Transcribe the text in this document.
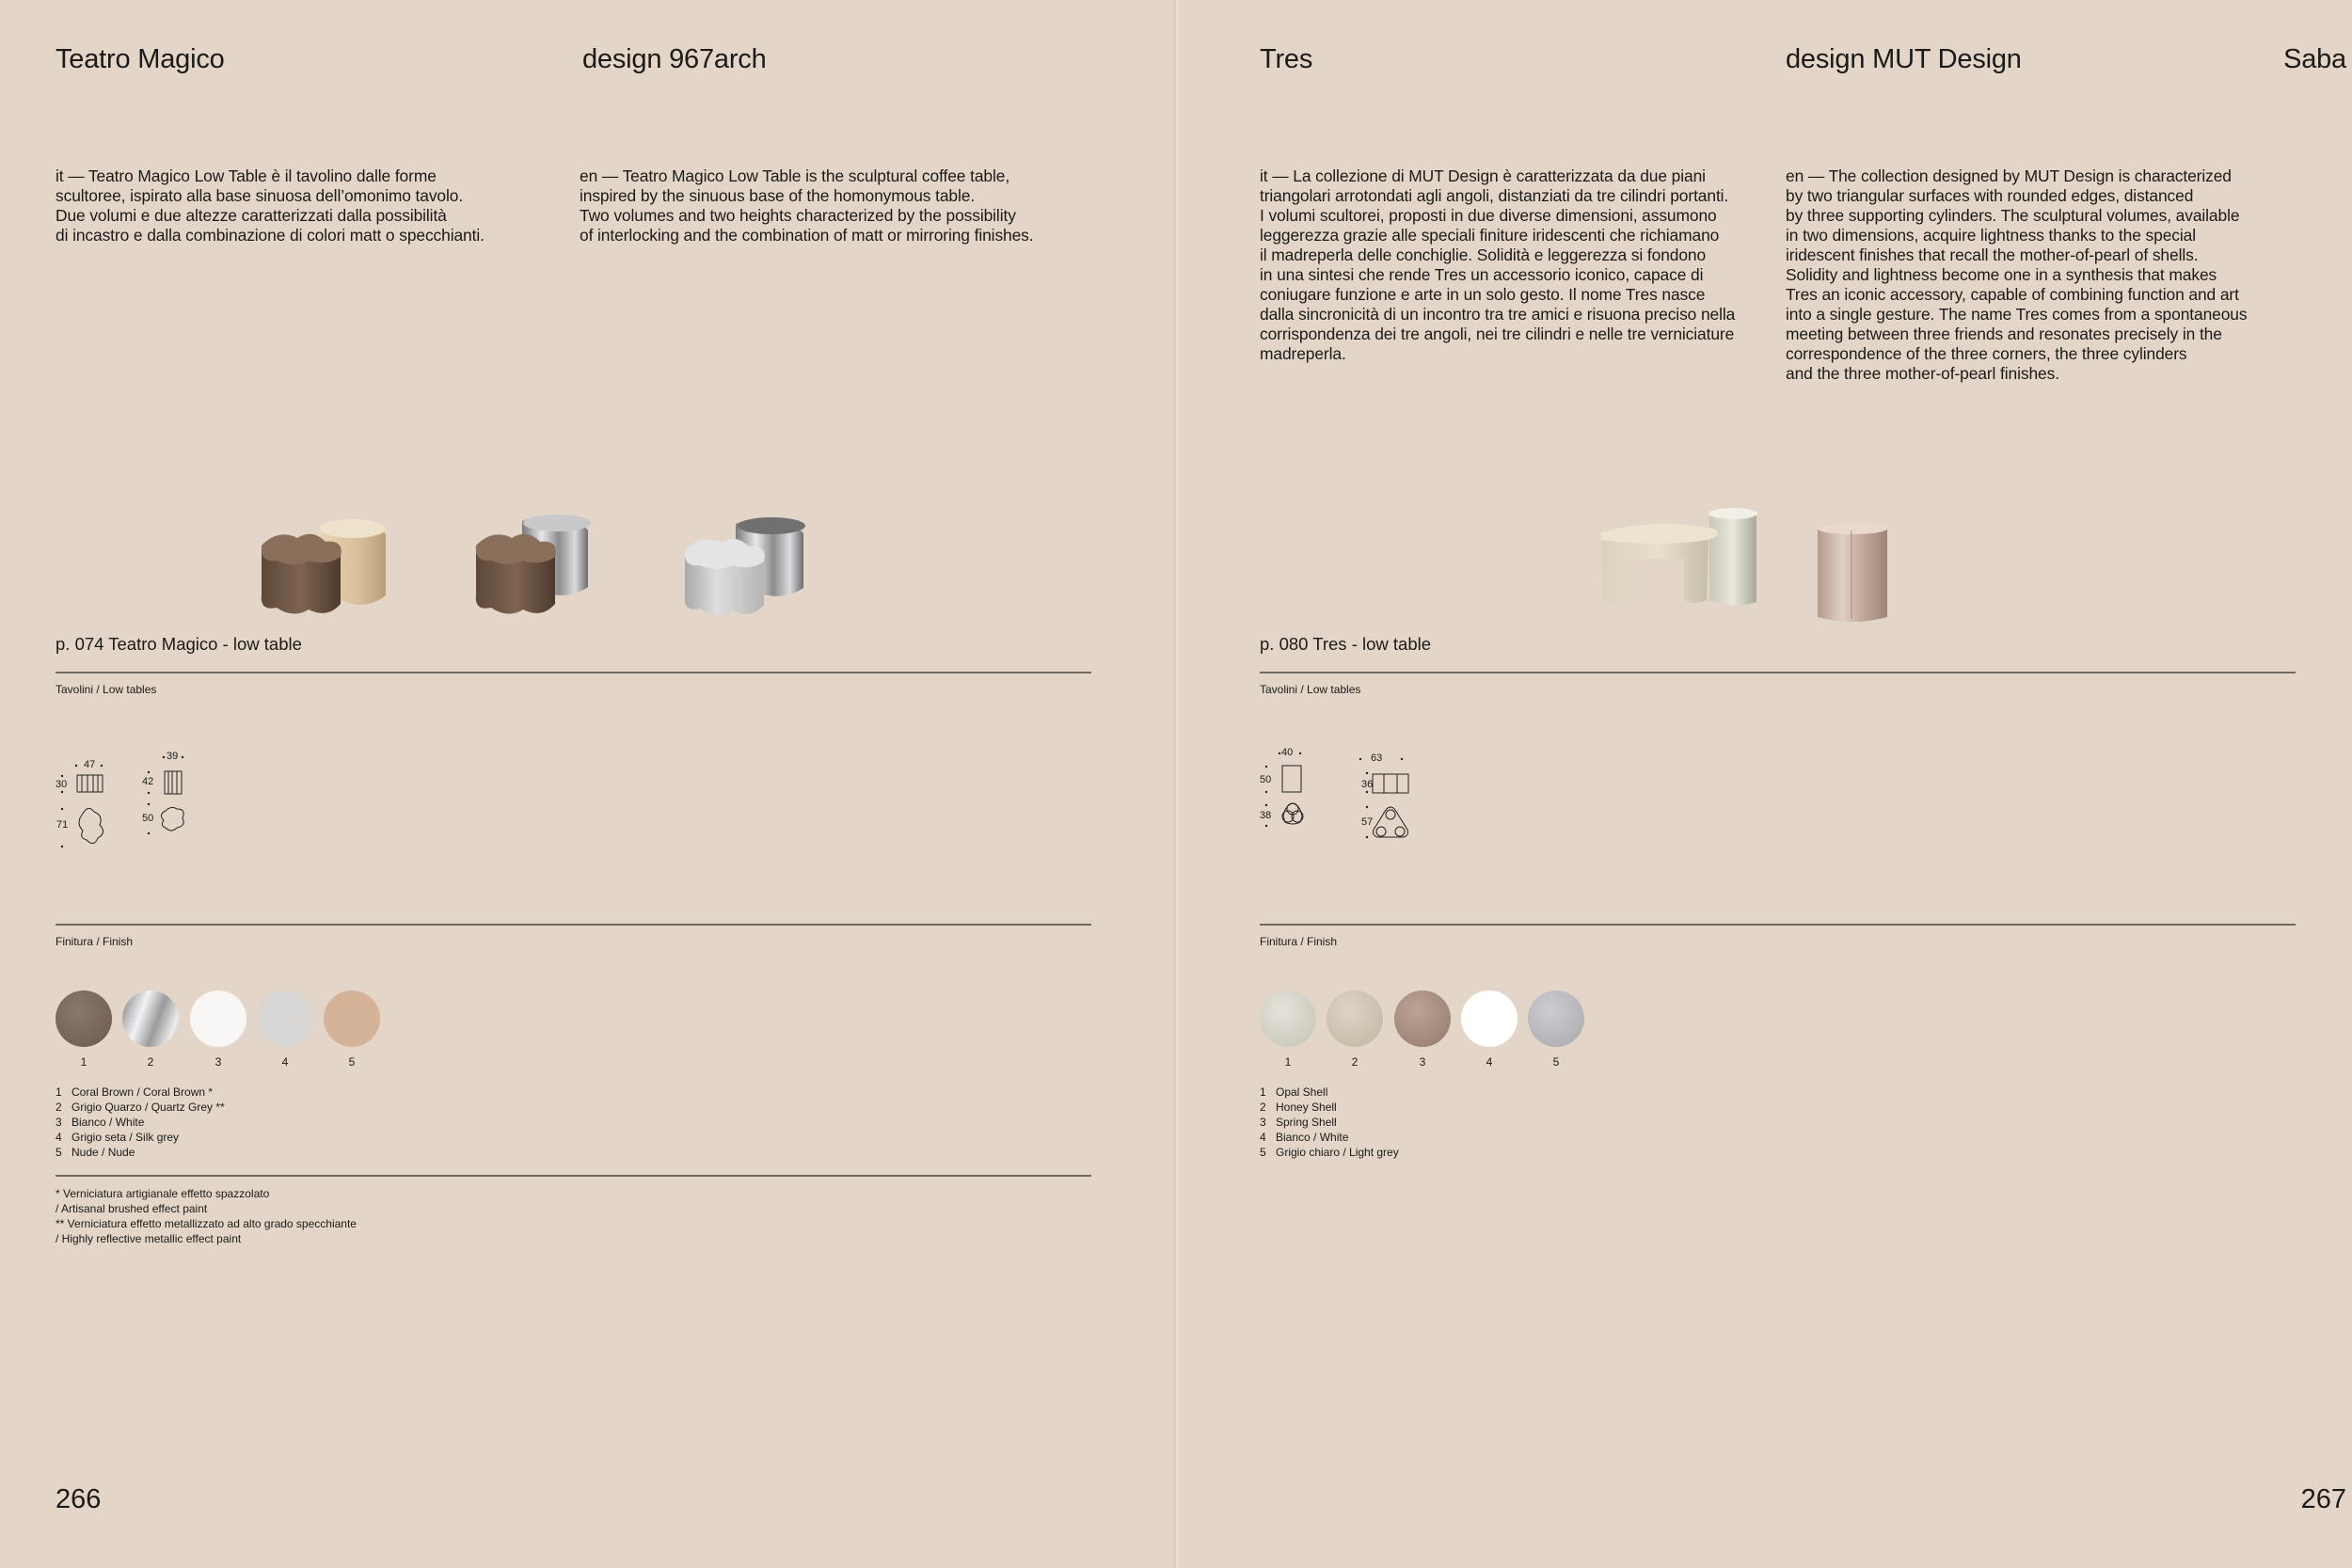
Teatro Magico	design 967arch
it — Teatro Magico Low Table è il tavolino dalle forme
scultoree, ispirato alla base sinuosa dell’omonimo tavolo.
Due volumi e due altezze caratterizzati dalla possibilità
di incastro e dalla combinazione di colori matt o specchianti.
en — Teatro Magico Low Table is the sculptural coffee table,
inspired by the sinuous base of the homonymous table.
Two volumes and two heights characterized by the possibility
of interlocking and the combination of matt or mirroring finishes.
p. 074 Teatro Magico - low table
Tavolini / Low tables
47
30
71
39
42
50
Finitura / Finish
1	2	3	4	5
1 Coral Brown / Coral Brown *
2 Grigio Quarzo / Quartz Grey **
3 Bianco / White
4 Grigio seta / Silk grey
5 Nude / Nude
* Verniciatura artigianale effetto spazzolato
/ Artisanal brushed effect paint
** Verniciatura effetto metallizzato ad alto grado specchiante
/ Highly reflective metallic effect paint
266
Tres	design MUT Design	Saba
it — La collezione di MUT Design è caratterizzata da due piani
triangolari arrotondati agli angoli, distanziati da tre cilindri portanti.
I volumi scultorei, proposti in due diverse dimensioni, assumono
leggerezza grazie alle speciali finiture iridescenti che richiamano
il madreperla delle conchiglie. Solidità e leggerezza si fondono
in una sintesi che rende Tres un accessorio iconico, capace di
coniugare funzione e arte in un solo gesto. Il nome Tres nasce
dalla sincronicità di un incontro tra tre amici e risuona preciso nella
corrispondenza dei tre angoli, nei tre cilindri e nelle tre verniciature
madreperla.
en — The collection designed by MUT Design is characterized
by two triangular surfaces with rounded edges, distanced
by three supporting cylinders. The sculptural volumes, available
in two dimensions, acquire lightness thanks to the special
iridescent finishes that recall the mother-of-pearl of shells.
Solidity and lightness become one in a synthesis that makes
Tres an iconic accessory, capable of combining function and art
into a single gesture. The name Tres comes from a spontaneous
meeting between three friends and resonates precisely in the
correspondence of the three corners, the three cylinders
and the three mother-of-pearl finishes.
p. 080 Tres - low table
Tavolini / Low tables
40
50
38
63
36
57
Finitura / Finish
1	2	3	4	5
1 Opal Shell
2 Honey Shell
3 Spring Shell
4 Bianco / White
5 Grigio chiaro / Light grey
267
